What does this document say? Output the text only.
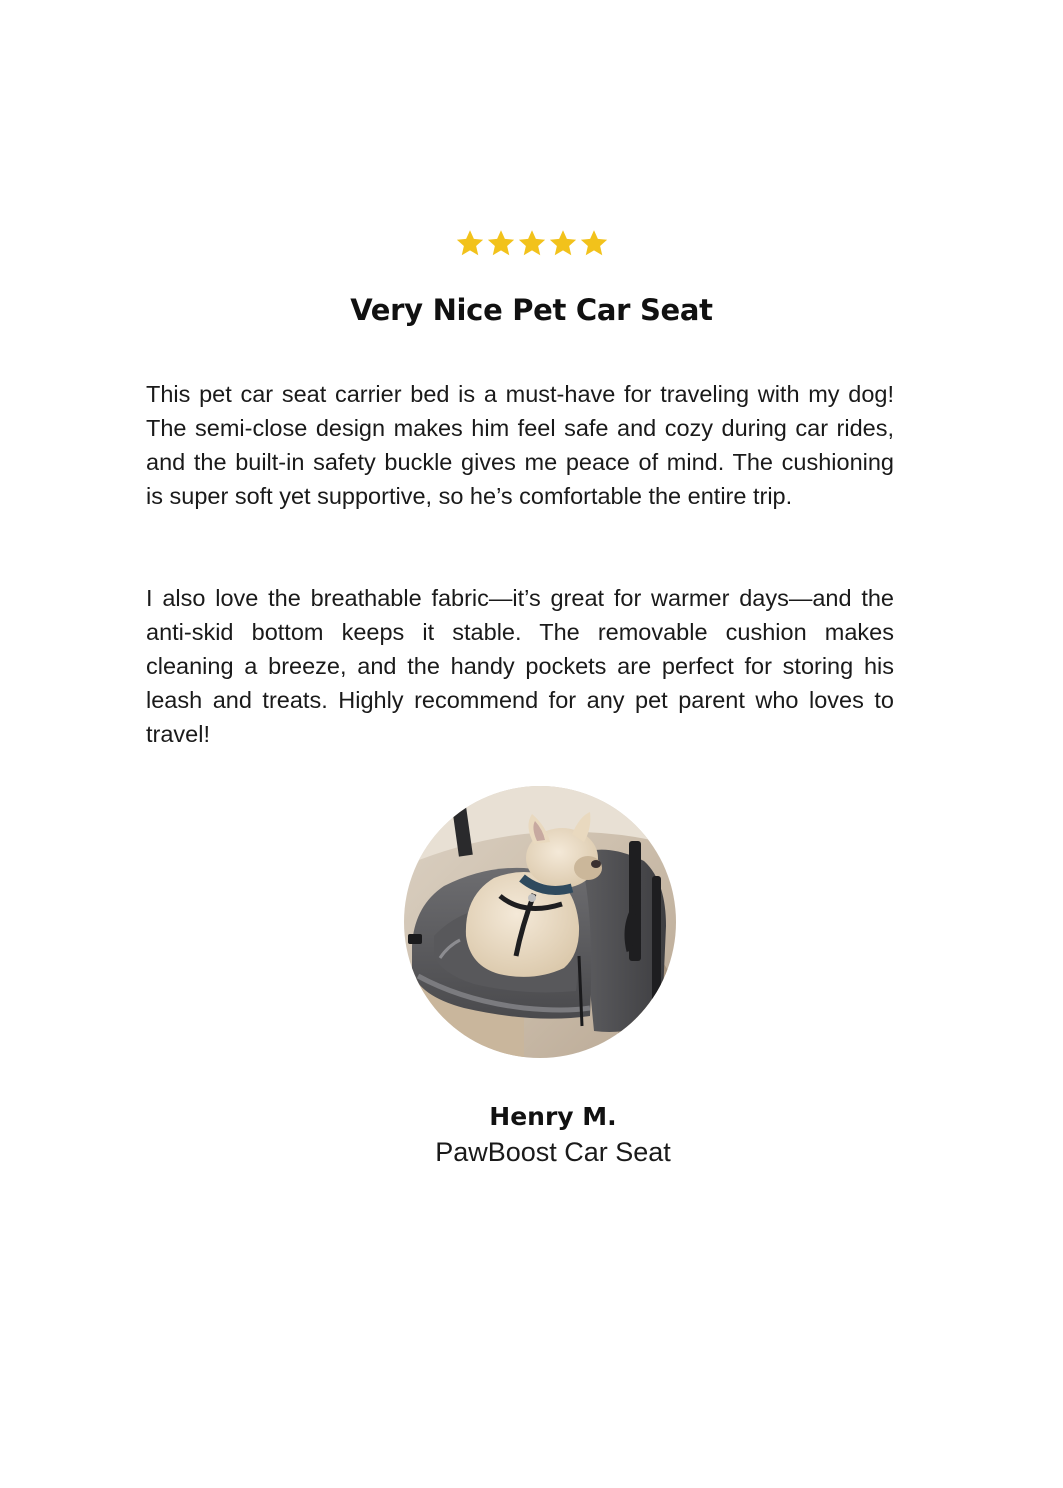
Very Nice Pet Car Seat

This pet car seat carrier bed is a must-have for traveling with my dog! The semi-close design makes him feel safe and cozy during car rides, and the built-in safety buckle gives me peace of mind. The cushioning is super soft yet supportive, so he’s comfortable the entire trip.

I also love the breathable fabric—it’s great for warmer days—and the anti-skid bottom keeps it stable. The removable cushion makes cleaning a breeze, and the handy pockets are perfect for storing his leash and treats. Highly recommend for any pet parent who loves to travel!

Henry M.

PawBoost Car Seat
